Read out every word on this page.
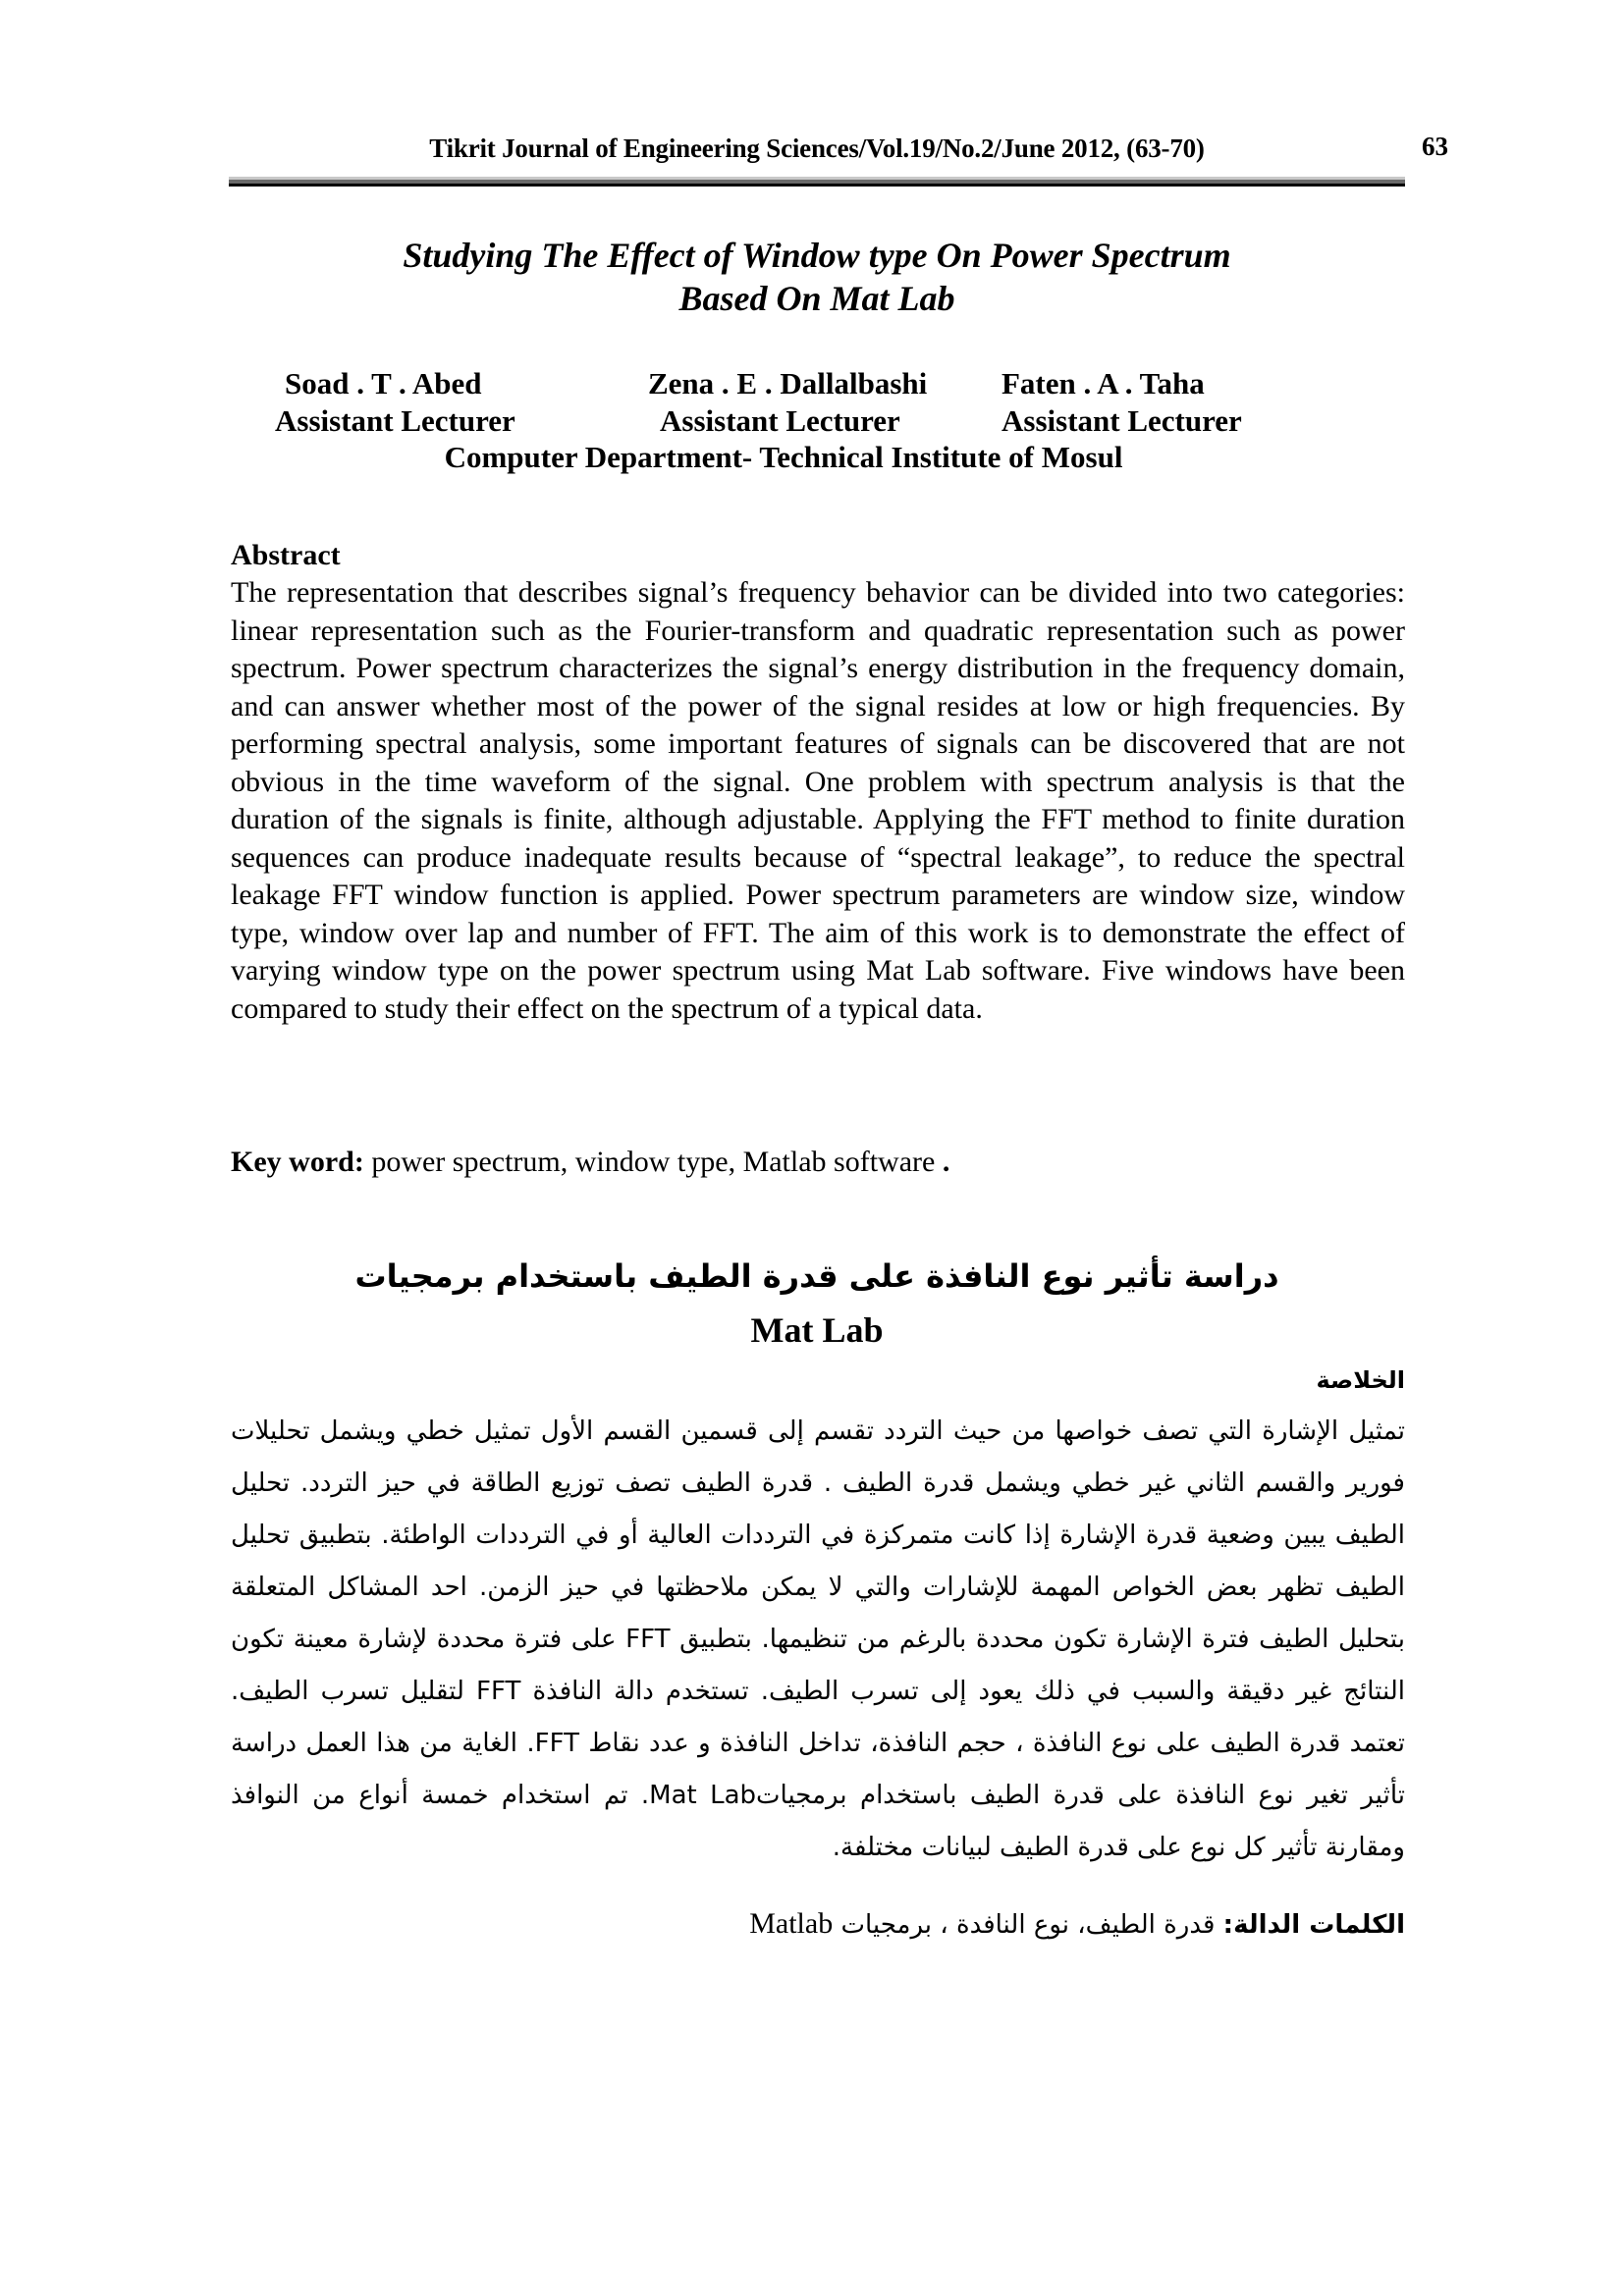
Tikrit Journal of Engineering Sciences/Vol.19/No.2/June 2012, (63-70)	63
Studying The Effect of Window type On Power Spectrum
Based On Mat Lab
Soad . T . Abed
Assistant Lecturer
Zena . E . Dallalbashi
Assistant Lecturer
Faten . A . Taha
Assistant Lecturer
Computer Department- Technical Institute of Mosul
Abstract
The representation that describes signal’s frequency behavior can be divided into two categories: linear representation such as the Fourier-transform and quadratic representation such as power spectrum. Power spectrum characterizes the signal’s energy distribution in the frequency domain, and can answer whether most of the power of the signal resides at low or high frequencies. By performing spectral analysis, some important features of signals can be discovered that are not obvious in the time waveform of the signal. One problem with spectrum analysis is that the duration of the signals is finite, although adjustable. Applying the FFT method to finite duration sequences can produce inadequate results because of “spectral leakage”, to reduce the spectral leakage FFT window function is applied. Power spectrum parameters are window size, window type, window over lap and number of FFT. The aim of this work is to demonstrate the effect of varying window type on the power spectrum using Mat Lab software. Five windows have been compared to study their effect on the spectrum of a typical data.
Key word: power spectrum, window type, Matlab software .
دراسة تأثير نوع النافذة على قدرة الطيف باستخدام برمجيات
Mat Lab
الخلاصة
تمثيل الإشارة التي تصف خواصها من حيث التردد تقسم إلى قسمين القسم الأول تمثيل خطي ويشمل تحليلات فورير والقسم الثاني غير خطي ويشمل قدرة الطيف . قدرة الطيف تصف توزيع الطاقة في حيز التردد. تحليل الطيف يبين وضعية قدرة الإشارة إذا كانت متمركزة في الترددات العالية أو في الترددات الواطئة. بتطبيق تحليل الطيف تظهر بعض الخواص المهمة للإشارات والتي لا يمكن ملاحظتها في حيز الزمن. احد المشاكل المتعلقة بتحليل الطيف فترة الإشارة تكون محددة بالرغم من تنظيمها. بتطبيق FFT على فترة محددة لإشارة معينة تكون النتائج غير دقيقة والسبب في ذلك يعود إلى تسرب الطيف. تستخدم دالة النافذة FFT لتقليل تسرب الطيف. تعتمد قدرة الطيف على نوع النافذة ، حجم النافذة، تداخل النافذة و عدد نقاط FFT. الغاية من هذا العمل دراسة تأثير تغير نوع النافذة على قدرة الطيف باستخدام برمجياتMat Lab. تم استخدام خمسة أنواع من النوافذ ومقارنة تأثير كل نوع على قدرة الطيف لبيانات مختلفة.
الكلمات الدالة: قدرة الطيف، نوع النافدة ، برمجيات Matlab
